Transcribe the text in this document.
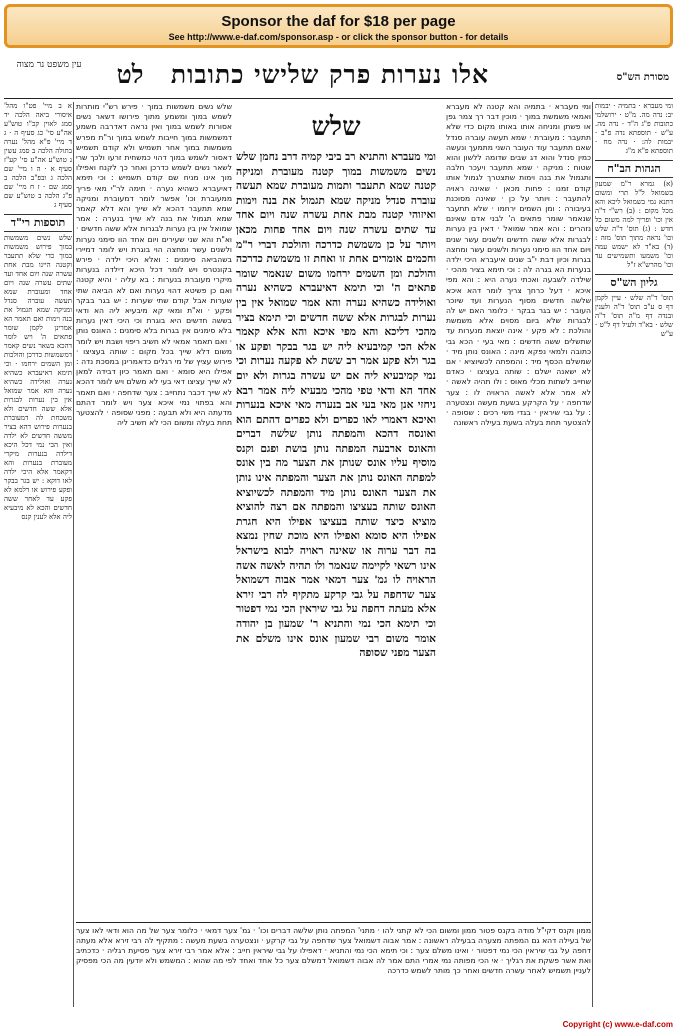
Sponsor the daf for $18 per page
See http://www.e-daf.com/sponsor.asp - or click the sponsor button - for details
מסורת הש"ס
אלו נערות פרק שלישי כתובות
לט
עין משפט נר מצוה

ומי מעברא · בתמיה · יבמות יב: נדה מה. מ"ט · ירושלמי כתובות פ"ג ה"ד · נדה מה. ע"ש · תוספתא נדה פ"ב · יבמות לה: · נדה מח · תוספתא פ"א מ"ג

הגהות הב"ח

(א) גמרא ר"מ שמעון בשמואל ל"ל תרי ומשום דתנא נמי בשמואל ליכא והא מכל מקום : (ב) רש"י ד"ה אין וכו' ופריך למה משום כל חדש : (ג) תוס' ד"ה שלש וכו' נראה מתוך תוס' מזה : (ד) בא"ד לא ישמש עמה וכו' משמעו ותשמישים עד וכו' מהרש"א ז"ל

גליון הש"ס

תוס' ד"ה שלש · עיין לקמן דף ס ע"ב תוס' ד"ה ולענין ובנדה דף מ"ה תוס' ד"ה שלש · בא"ד ולעיל דף ל"ט · ע"ש

ומי מעברא · בתמיה והא קטנה לא מעברא ואמאי משמשת במוך · מוכין דבר רך צמר גפן או פשתן ומניחה אותו באותו מקום כדי שלא תתעבר : מעוברת · שמא תעשה עוברה סנדל שאם תתעבר עוד העובר השני מתמעך ונעשה כמין סנדל והוא דג שבים שדומה ללשון והוא שטוח : מניקה · שמא תתעבר ויעכר חלבה ותגמול את בנה וימות שתצטרך לגמול אותו קודם זמנו : פחות מכאן · שאינה ראויה להתעבר : ויותר על כן · שאינה מסוכנת בעיבורה : ומן השמים ירחמו · שלא תתעבר שנאמר שומר פתאים ה' לבני אדם שאינם נזהרים : והא אמר שמואל · דאין בין נערות לבגרות אלא ששה חדשים ולשנים עשר שנים ויום אחד הוו סימני נערות ולשנים עשר ומחצה בגרות וכיון דבת י"ב שנים איעברא היכי ילדה בנערות הא בגרה לה : וכי תימא בציר מהכי · שילדה לשבעה ואכתי נערה היא : והא מפי איכא · דעל כרחך צריך לומר דהא איכא שלשה חדשים מסוף הנערות ועד שיוכר העובר : יש בגר בבקר · כלומר האם יש לה לבגרות שלא ביום מסוים אלא משמשת והולכת : לא פקע · אינה יוצאת מנערות עד שתשלים ששה חדשים : מאי בעי · הכא גבי כתובה ולמאי נפקא מינה : האונס נותן מיד · שמשלם הכסף מיד : והמפתה לכשיוציא · אם לא ישאנה ישלם : שותה בעציצו · כאדם שחייב לשתות מכלי מאוס : ולו תהיה לאשה · לא אמר אלא לאשה הראויה לו : צער שדחפה · על הקרקע בשעת מעשה ונצטערה : על גבי שיראין · בגדי משי רכים : שסופה · להצטער תחת בעלה בשעת בעילה ראשונה

שלש

ומי מעברא והתניא רב ביבי קמיה דרב נחמן שלש נשים משמשות במוך קטנה מעוברת ומניקה קטנה שמא תתעבר ותמות מעוברת שמא תעשה עוברה סנדל מניקה שמא תגמול את בנה וימות ואיזוהי קטנה מבת אחת עשרה שנה ויום אחד עד שתים עשרה שנה ויום אחד פחות מכאן ויותר על כן משמשת כדרכה והולכת דברי ר"מ וחכמים אומרים אחת זו ואחת זו משמשת כדרכה והולכת ומן השמים ירחמו משום שנאמר שומר פתאים ה' וכי תימא דאיעברא כשהיא נערה ואולידה כשהיא נערה והא אמר שמואל אין בין נערות לבגרות אלא ששה חדשים וכי תימא בציר מהכי דליכא והא מפי איכא והא אלא קאמר אלא הכי קמיבעיא ליה יש בגר בבקר ופקע או בגר ולא פקע אמר רב ששת לא פקעה נערות וכי נמי קמיבעיא ליה אם יש עשרה בגרות ולא יום אחד הא ודאי טפי מהכי מבעיא ליה אמר רבא ניחזי אנן מאי בעי אב בנערה מאי איכא בנערות ואיכא דאמרי לאו כפרים ולא כפרים דהתם הוא ואונסה דהכא והמפתה נותן שלשה דברים והאונס ארבעה המפתה נותן בושת ופגם וקנס מוסיף עליו אונס שנותן את הצער מה בין אונס למפתה האונס נותן את הצער והמפתה אינו נותן את הצער האונס נותן מיד והמפתה לכשיוציא האונס שותה בעציצו והמפתה אם רצה להוציא מוציא כיצד שותה בעציצו אפילו היא חגרת אפילו היא סומא ואפילו היא מוכת שחין נמצא בה דבר ערוה או שאינה ראויה לבוא בישראל אינו רשאי לקיימה שנאמר ולו תהיה לאשה אשה הראויה לו גמ' צער דמאי אמר אבוה דשמואל צער שדחפה על גבי קרקע מתקיף לה רבי זירא אלא מעתה דחפה על גבי שיראין הכי נמי דפטור וכי תימא הכי נמי והתניא ר' שמעון בן יהודה אומר משום רבי שמעון אונס אינו משלם את הצער מפני שסופה

שלש נשים משמשות במוך · פירש רש"י מותרות לשמש במוך ומשמע מתוך פירושו דשאר נשים אסורות לשמש במוך ואין נראה דאדרבה משמע דמשמשות במוך חייבות לשמש במוך ור"ת מפרש משמשות במוך אחר תשמיש ולא קודם תשמיש דאסור לשמש במוך דהוי כמשחית זרעו ולכך שרי לשאר נשים לשמש כדרכן ואחר כך לקנח ואפילו מוך אינו מניח שם קודם תשמיש : וכי תימא דאיעברא כשהיא נערה · תימה לר"י מאי פריך ממעוברת וכו' אפשר לומר דמעוברת ומניקה שמא תתעבר דהכא לא שייך והא דלא קאמר שמא תגמול את בנה לא שייך בנערה : אמר שמואל אין בין נערות לבגרות אלא ששה חדשים · וא"ת והא שני שעירים ויום אחד הוו סימני נערות ולשנים עשר ומחצה הוי בוגרת ויש לומר דמיירי בשהביאה סימנים : ואלא היכי ילדה · פירש בקונטרס ויש לומר דכל היכא דילדה בנערות מיקרי מעוברת בנערות : בא עליה · והיא קטנה ואם כן פשיטא דהוי נערות ואם לא הביאה שתי שערות אבל קודם שתי שערות : יש בגר בבקר ופקע · וא"ת ומאי קא מיבעיא ליה הא ודאי בששה חדשים היא בוגרת וכי היכי דאין נערות בלא סימנים אין בגרות בלא סימנים : האונס נותן · ואם תאמר אמאי לא חשיב ריפוי ושבת ויש לומר משום דלא שייך בכל מקום : שותה בעציצו · פירוש עציץ של מי רגלים כדאמרינן במסכת נדה : אפילו היא סומא · ואם תאמר כיון דבידה למאן לא שייך עציצו דאי בעי לא משלם ויש לומר דהכא לא שייך דכבר נתחייב : צער שדחפה · ואם תאמר והא בפתוי נמי איכא צער ויש לומר דהתם מדעתה היא ולא תבעה : מפני שסופה · להצטער תחת בעלה ומשום הכי לא חשיב ליה

א ב מיי' פט"ו מהל' איסורי ביאה הלכה יד סמג לאוין קכ"ו טוש"ע אה"ע סי' כג סעיף ה · ג ד מיי' פ"א מהל' נערה בתולה הלכה ב סמג עשין נ טוש"ע אה"ע סי' קע"ז סעיף א · ה ו מיי' שם הלכה ג ובפ"ב הלכה ב סמג שם · ז ח מיי' שם פ"ג הלכה ב טוש"ע שם סעיף ג

תוספות רי"ד

שלש נשים משמשות במוך פירוש משמשות במוך כדי שלא תתעבר וקטנה היינו מבת אחת עשרה שנה ויום אחד ועד שתים עשרה שנה ויום אחד ומעוברת שמא תעשה עוברה סנדל ומניקה שמא תגמול את בנה וימות ואם תאמר הא אמרינן לקמן שומר פתאים ה' ויש לומר דהכא בשאר נשים קאמר דמשמשות כדרכן והולכות ומן השמים ירחמו · וכי תימא דאיעברא כשהיא נערה ואולידה כשהיא נערה והא אמר שמואל אין בין נערות לבגרות אלא ששה חדשים ולא משכחת לה דמעוברת בנערות פירוש דהא בציר מששה חדשים לא ילדה ואין הכי נמי דכל היכא דילדה בנערות מיקרי מעוברת בנערות והא דקאמר אלא היכי ילדה לאו דוקא : יש בגר בבקר ופקע פירוש או דלמא לא פקע עד לאחר ששה חדשים והכא לא מיבעיא ליה אלא לענין קנס

ממון וקנס דקי"ל מודה בקנס פטור ממון ומשום הכי לא קתני להו · מתני' המפתה נותן שלשה דברים וכו' · גמ' צער דמאי · כלומר צער של מה הוא ודאי לאו צער של בעילה דהא גם המפתה מצערה בבעילה ראשונה : אמר אבוה דשמואל צער שדחפה על גבי קרקע · ונצטערה בשעת מעשה : מתקיף לה רבי זירא אלא מעתה דחפה על גבי שיראין הכי נמי דפטור · ואינו משלם צער : וכי תימא הכי נמי והתניא · דאפילו על גבי שיראין חייב : אלא אמר רבי זירא צער פסיעת רגליה · כדכתיב ואת אשר פשקת את רגליך · אי הכי מפותה נמי אמרי התם אמר לה אבוה דשמואל דמשלם צער כל אחד ואחד לפי מה שהוא : המשמש ולא יודעין מה הכי מפסיק לעניין תשמיש לאחר עשרה חדשים ואחר כך מותר לשמש כדרכה

Copyright (c) www.e-daf.com
